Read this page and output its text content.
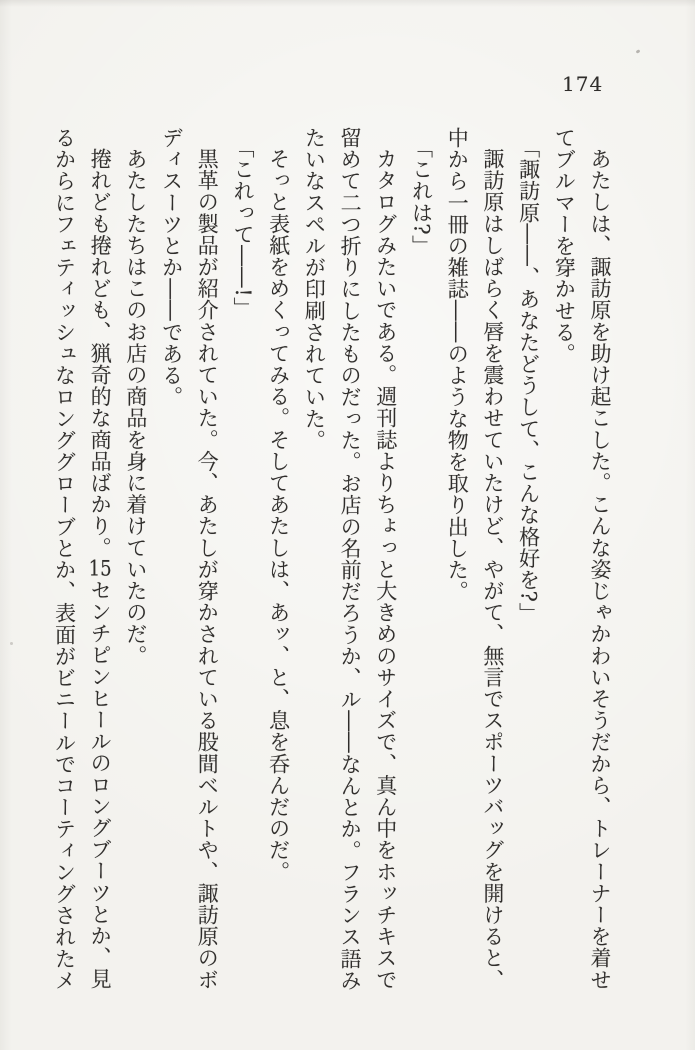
174

あたしは、諏訪原を助け起こした。こんな姿じゃかわいそうだから、トレーナーを着せてブルマーを穿かせる。

「諏訪原――、あなたどうして、こんな格好を?」

諏訪原はしばらく唇を震わせていたけど、やがて、無言でスポーツバッグを開けると、中から一冊の雑誌――のような物を取り出した。

「これは?」

カタログみたいである。週刊誌よりちょっと大きめのサイズで、真ん中をホッチキスで留めて二つ折りにしたものだった。お店の名前だろうか、ル――なんとか。フランス語みたいなスペルが印刷されていた。

そっと表紙をめくってみる。そしてあたしは、あッ、と、息を呑んだのだ。

「これって――!」

黒革の製品が紹介されていた。今、あたしが穿かされている股間ベルトや、諏訪原のボディスーツとか――である。

あたしたちはこのお店の商品を身に着けていたのだ。

捲れども捲れども、猟奇的な商品ばかり。15センチピンヒールのロングブーツとか、見るからにフェティッシュなロンググローブとか、表面がビニールでコーティングされたメ
